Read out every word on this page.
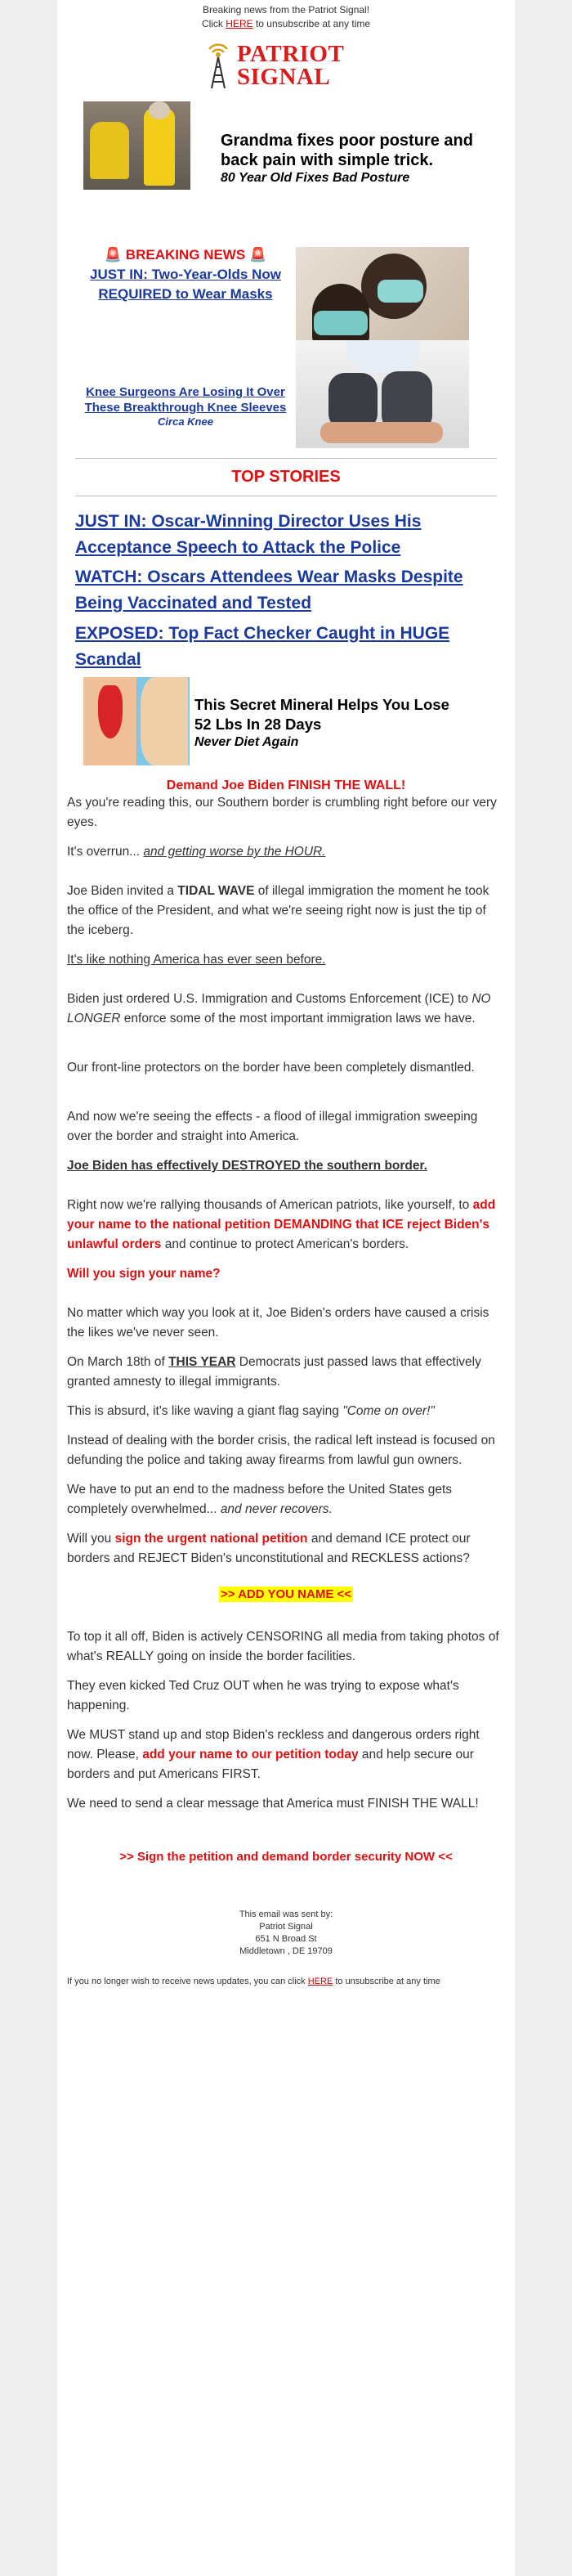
Breaking news from the Patriot Signal!
Click HERE to unsubscribe at any time
PATRIOT
SIGNAL
Grandma fixes poor posture and back pain with simple trick.
80 Year Old Fixes Bad Posture
🚨 BREAKING NEWS 🚨
JUST IN: Two-Year-Olds Now REQUIRED to Wear Masks
Knee Surgeons Are Losing It Over These Breakthrough Knee Sleeves
Circa Knee
TOP STORIES
JUST IN: Oscar-Winning Director Uses His Acceptance Speech to Attack the Police
WATCH: Oscars Attendees Wear Masks Despite Being Vaccinated and Tested
EXPOSED: Top Fact Checker Caught in HUGE Scandal
This Secret Mineral Helps You Lose 52 Lbs In 28 Days
Never Diet Again
Demand Joe Biden FINISH THE WALL!
As you're reading this, our Southern border is crumbling right before our very eyes.
It's overrun... and getting worse by the HOUR.
Joe Biden invited a TIDAL WAVE of illegal immigration the moment he took the office of the President, and what we're seeing right now is just the tip of the iceberg.
It's like nothing America has ever seen before.
Biden just ordered U.S. Immigration and Customs Enforcement (ICE) to NO LONGER enforce some of the most important immigration laws we have.
Our front-line protectors on the border have been completely dismantled.
And now we're seeing the effects - a flood of illegal immigration sweeping over the border and straight into America.
Joe Biden has effectively DESTROYED the southern border.
Right now we're rallying thousands of American patriots, like yourself, to add your name to the national petition DEMANDING that ICE reject Biden's unlawful orders and continue to protect American's borders.
Will you sign your name?
No matter which way you look at it, Joe Biden's orders have caused a crisis the likes we've never seen.
On March 18th of THIS YEAR Democrats just passed laws that effectively granted amnesty to illegal immigrants.
This is absurd, it's like waving a giant flag saying "Come on over!"
Instead of dealing with the border crisis, the radical left instead is focused on defunding the police and taking away firearms from lawful gun owners.
We have to put an end to the madness before the United States gets completely overwhelmed... and never recovers.
Will you sign the urgent national petition and demand ICE protect our borders and REJECT Biden's unconstitutional and RECKLESS actions?
>> ADD YOU NAME <<
To top it all off, Biden is actively CENSORING all media from taking photos of what's REALLY going on inside the border facilities.
They even kicked Ted Cruz OUT when he was trying to expose what's happening.
We MUST stand up and stop Biden's reckless and dangerous orders right now. Please, add your name to our petition today and help secure our borders and put Americans FIRST.
We need to send a clear message that America must FINISH THE WALL!
>> Sign the petition and demand border security NOW <<
This email was sent by:
Patriot Signal
651 N Broad St
Middletown , DE 19709
If you no longer wish to receive news updates, you can click HERE to unsubscribe at any time
